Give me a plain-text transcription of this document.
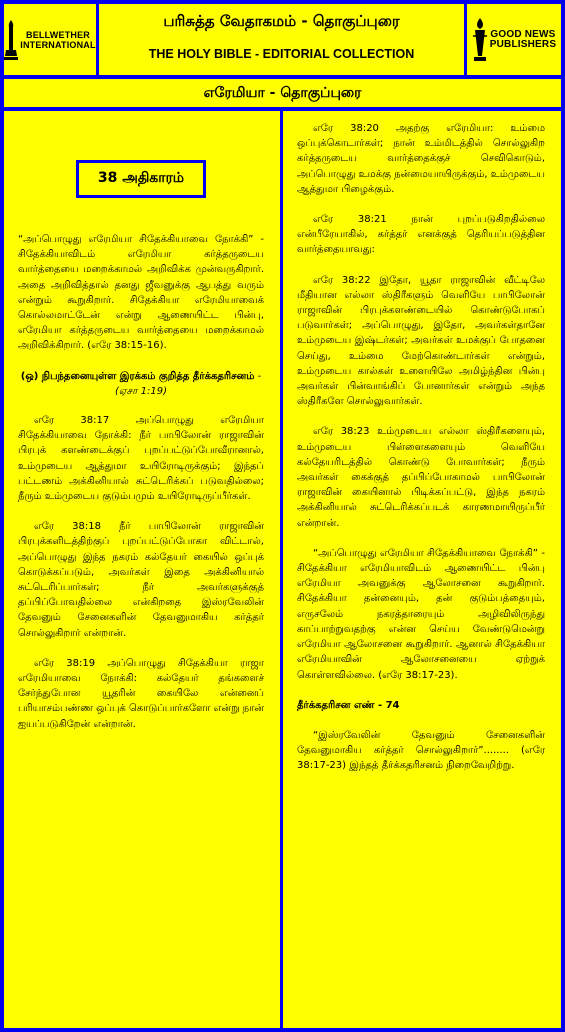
BELLWETHER
INTERNATIONAL
பரிசுத்த வேதாகமம் - தொகுப்புரை
THE HOLY BIBLE - EDITORIAL COLLECTION
GOOD NEWS
PUBLISHERS
எரேமியா - தொகுப்புரை
38 அதிகாரம்

“அப்பொழுது எரேமியா சிதேக்கியாவை நோக்கி” - சிதேக்கியாவிடம் எரேமியா கர்த்தருடைய வார்த்தையை மறைக்காமல் அறிவிக்க முன்வருகிறார். அதை அறிவித்தால் தனது ஜீவனுக்கு ஆபத்து வரும் என்றும் கூறுகிறார். சிதேக்கியா எரேமியாவைக் கொல்லமாட்டேன் என்று ஆணையிட்ட பின்பு, எரேமியா கர்த்தருடைய வார்த்தையை மறைக்காமல் அறிவிக்கிறார். (எரே 38:15-16).

(ஒ) நிபந்தனையுள்ள இரக்கம் குறித்த தீர்க்கதரிசனம் - (ஏசா 1:19)

எரே 38:17 அப்பொழுது எரேமியா சிதேக்கியாவை நோக்கி: நீர் பாபிலோன் ராஜாவின் பிரபுக் களண்டைக்குப் புறப்பட்டுப்போவீரானால், உம்முடைய ஆத்துமா உயிரோடிருக்கும்; இந்தப் பட்டணம் அக்கினியால் சுட்டெரிக்கப் படுவதில்லை; நீரும் உம்முடைய குடும்பமும் உயிரோடிருப்பீர்கள்.

எரே 38:18 நீர் பாபிலோன் ராஜாவின் பிரபுக்களிடத்திற்குப் புறப்பட்டுப்போகா விட்டால், அப்பொழுது இந்த நகரம் கல்தேயர் கையில் ஒப்புக் கொடுக்கப்படும், அவர்கள் இதை அக்கினியால் சுட்டெரிப்பார்கள்; நீர் அவர்களுக்குத் தப்பிப்போவதில்லை என்கிறதை இஸ்ரவேலின் தேவனும் சேனைகளின் தேவனுமாகிய கர்த்தர் சொல்லுகிறார் என்றான்.

எரே 38:19 அப்பொழுது சிதேக்கியா ராஜா எரேமியாவை நோக்கி: கல்தேயர் தங்களைச் சேர்ந்துபோன யூதரின் கையிலே என்னைப் பரியாசம்பண்ண ஒப்புக் கொடுப்பார்களோ என்று நான் ஐயப்படுகிறேன் என்றான்.

எரே 38:20 அதற்கு எரேமியா: உம்மை ஒப்புக்கொடார்கள்; நான் உம்மிடத்தில் சொல்லுகிற கர்த்தருடைய வார்த்தைக்குச் செவிகொடும், அப்பொழுது உமக்கு நன்மையாயிருக்கும், உம்முடைய ஆத்துமா பிழைக்கும்.

எரே 38:21 நான் புறப்படுகிறதில்லை என்பீரேயாகில், கர்த்தர் எனக்குத் தெரியப்படுத்தின வார்த்தையாவது:

எரே 38:22 இதோ, யூதா ராஜாவின் வீட்டிலே மீதியான எல்லா ஸ்திரீகளும் வெளியே பாபிலோன் ராஜாவின் பிரபுக்களண்டையில் கொண்டுபோகப் படுவார்கள்; அப்பொழுது, இதோ, அவர்கள்தானே உம்முடைய இஷ்டர்கள்; அவர்கள் உமக்குப் போதனை செய்து, உம்மை மேற்கொண்டார்கள் என்றும், உம்முடைய கால்கள் உளையிலே அமிழ்ந்தின பின்பு அவர்கள் பின்வாங்கிப் போனார்கள் என்றும் அந்த ஸ்திரீகளே சொல்லுவார்கள்.

எரே 38:23 உம்முடைய எல்லா ஸ்திரீகளையும், உம்முடைய பிள்ளைகளையும் வெளியே கல்தேயரிடத்தில் கொண்டு போவார்கள்; நீரும் அவர்கள் கைக்குத் தப்பிப்போகாமல் பாபிலோன் ராஜாவின் கையினால் பிடிக்கப்பட்டு, இந்த நகரம் அக்கினியால் சுட்டெரிக்கப்படக் காரணமாயிருப்பீர் என்றான்.

“அப்பொழுது எரேமியா சிதேக்கியாவை நோக்கி” - சிதேக்கியா எரேமியாவிடம் ஆணையிட்ட பின்பு எரேமியா அவனுக்கு ஆலோசனை கூறுகிறார். சிதேக்கியா தன்னையும், தன் குடும்பத்தையும், எருசலேம் நகரத்தாரையும் அழிவிலிருந்து காப்பாற்றுவதற்கு என்ன செய்ய வேண்டுமென்று எரேமியா ஆலோசனை கூறுகிறார். ஆனால் சிதேக்கியா எரேமியாவின் ஆலோசனையை ஏற்றுக் கொள்ளவில்லை. (எரே 38:17-23).

தீர்க்கதரிசன எண் - 74

“இஸ்ரவேலின் தேவனும் சேனைகளின் தேவனுமாகிய கர்த்தர் சொல்லுகிறார்”........ (எரே 38:17-23) இந்தத் தீர்க்கதரிசனம் நிறைவேறிற்று.
